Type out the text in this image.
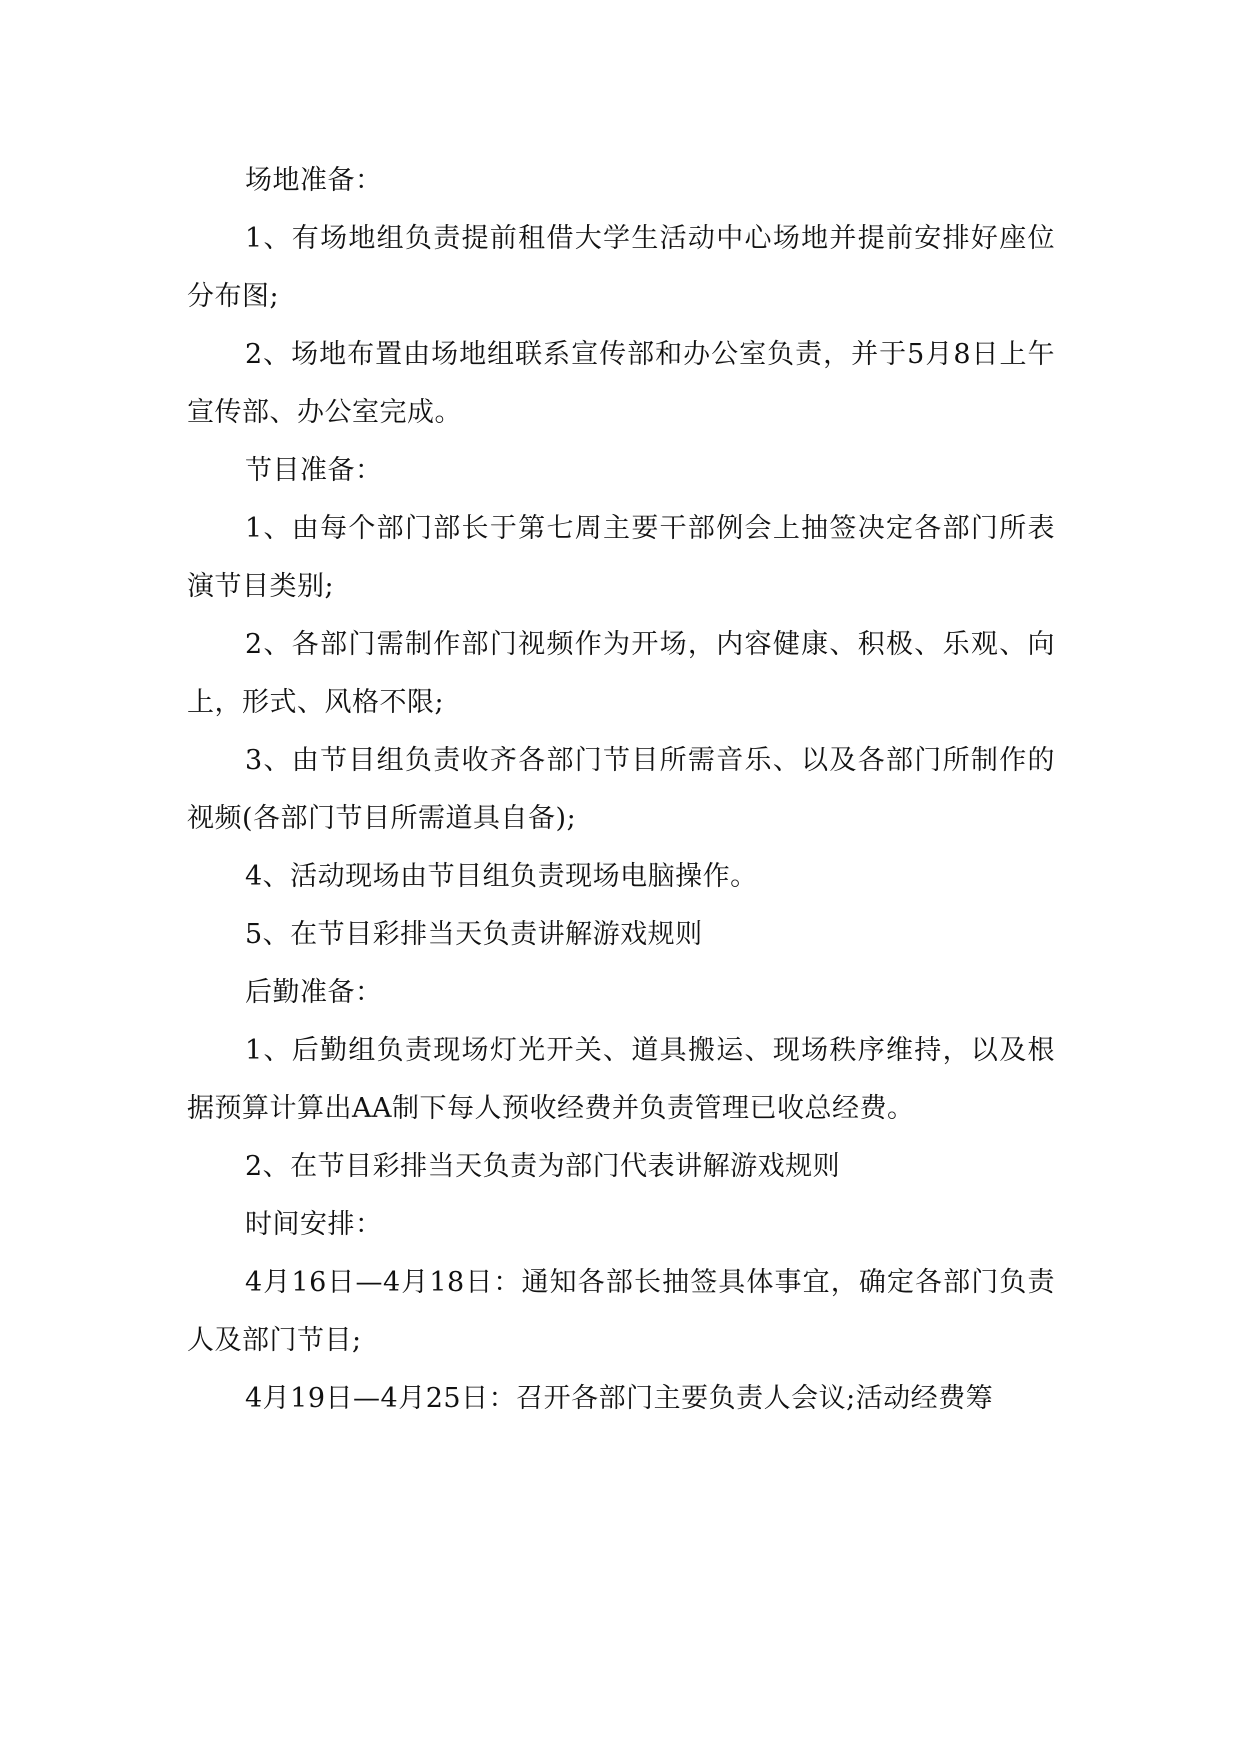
场地准备：

1、有场地组负责提前租借大学生活动中心场地并提前安排好座位分布图;

2、场地布置由场地组联系宣传部和办公室负责，并于5月8日上午宣传部、办公室完成。

节目准备：

1、由每个部门部长于第七周主要干部例会上抽签决定各部门所表演节目类别;

2、各部门需制作部门视频作为开场，内容健康、积极、乐观、向上，形式、风格不限;

3、由节目组负责收齐各部门节目所需音乐、以及各部门所制作的视频(各部门节目所需道具自备);

4、活动现场由节目组负责现场电脑操作。

5、在节目彩排当天负责讲解游戏规则

后勤准备：

1、后勤组负责现场灯光开关、道具搬运、现场秩序维持，以及根据预算计算出AA制下每人预收经费并负责管理已收总经费。

2、在节目彩排当天负责为部门代表讲解游戏规则

时间安排：

4月16日—4月18日：通知各部长抽签具体事宜，确定各部门负责人及部门节目;

4月19日—4月25日：召开各部门主要负责人会议;活动经费筹
